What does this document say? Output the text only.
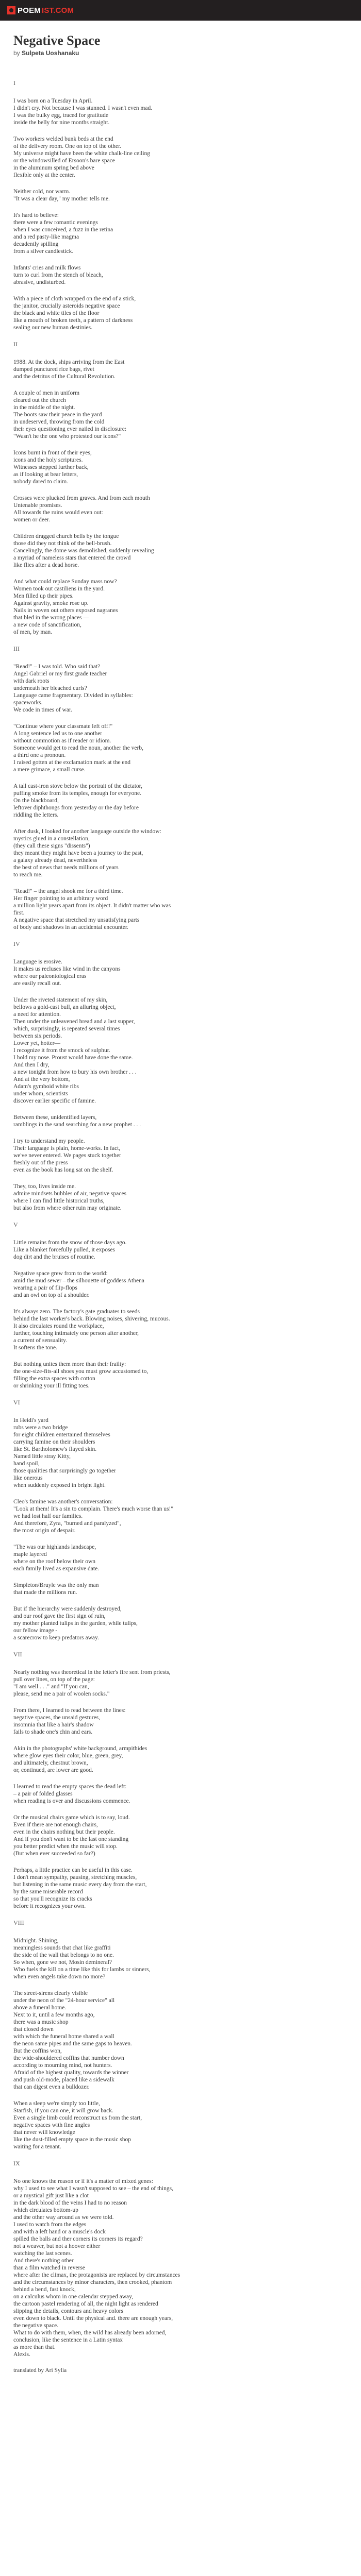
POEM IST.COM
Negative Space
by Sulpeta Uoshanaku
I
I was born on a Tuesday in April.
I didn't cry. Not because I was stunned. I wasn't even mad.
I was the bulky egg, traced for gratitude
inside the belly for nine months straight.
Two workers welded bunk beds at the end
of the delivery room. One on top of the other.
My universe might have been the white chalk-line ceiling
or the windowsilled of Ersoon's bare space
in the aluminum spring bed above
flexible only at the center.
Neither cold, nor warm.
"It was a clear day," my mother tells me.
It's hard to believe:
there were a few romantic evenings
when I was conceived, a fuzz in the retina
and a red pasty-like magma
decadently spilling
from a silver candlestick.
Infants' cries and milk flows
turn to curl from the stench of bleach,
abrasive, undisturbed.
With a piece of cloth wrapped on the end of a stick,
the janitor, crucially asteroids negative space
the black and white tiles of the floor
like a mouth of broken teeth, a pattern of darkness
sealing our new human destinies.
II
1988. At the dock, ships arriving from the East
dumped punctured rice bags, rivet
and the detritus of the Cultural Revolution.
A couple of men in uniform
cleared out the church
in the middle of the night.
The boots saw their peace in the yard
in undeserved, throwing from the cold
their eyes questioning ever nailed in disclosure:
"Wasn't he the one who protested our icons?"
Icons burnt in front of their eyes,
icons and the holy scriptures.
Witnesses stepped further back,
as if looking at bear letters,
nobody dared to claim.
Crosses were plucked from graves. And from each mouth
Untenable promises.
All towards the ruins would even out:
women or deer.
Children dragged church bells by the tongue
those did they not think of the bell-brush.
Cancelingly, the dome was demolished, suddenly revealing
a myriad of nameless stars that entered the crowd
like flies after a dead horse.
And what could replace Sunday mass now?
Women took out castiliens in the yard.
Men filled up their pipes.
Against gravity, smoke rose up.
Nails in woven out others exposed nagranes
that bled in the wrong places —
a new code of sanctification,
of men, by man.
III
"Read!" – I was told. Who said that?
Angel Gabriel or my first grade teacher
with dark roots
underneath her bleached curls?
Language came fragmentary. Divided in syllables:
spaceworks.
We code in times of war.
"Continue where your classmate left off!"
A long sentence led us to one another
without commotion as if reader or idiom.
Someone would get to read the noun, another the verb,
a third one a pronoun.
I raised gotten at the exclamation mark at the end
a mere grimace, a small curse.
A tall cast-iron stove below the portrait of the dictator,
puffing smoke from its temples, enough for everyone.
On the blackboard,
leftover diphthongs from yesterday or the day before
riddling the letters.
After dusk, I looked for another language outside the window:
mystics glued in a constellation,
(they call these signs "dissents")
they meant they might have been a journey to the past,
a galaxy already dead, nevertheless
the best of news that needs millions of years
to reach me.
"Read!" – the angel shook me for a third time.
Her finger pointing to an arbitrary word
a million light years apart from its object. It didn't matter who was
first.
A negative space that stretched my unsatisfying parts
of body and shadows in an accidental encounter.
IV
Language is erosive.
It makes us recluses like wind in the canyons
where our paleontological eras
are easily recall out.
Under the riveted statement of my skin,
bellows a gold-cast bull, an alluring object,
a need for attention.
Then under the unleavened bread and a last supper,
which, surprisingly, is repeated several times
between six periods.
Lower yet, hotter—
I recognize it from the smock of sulphur.
I hold my nose. Proust would have done the same.
And then I dry,
a new tonight from how to bury his own brother . . .
And at the very bottom,
Adam's gymboid white ribs
under whom, scientists
discover earlier specific of famine.
Between these, unidentified layers,
ramblings in the sand searching for a new prophet . . .
I try to understand my people.
Their language is plain, home-works. In fact,
we've never entered. We pages stuck together
freshly out of the press
even as the book has long sat on the shelf.
They, too, lives inside me.
admire mindsets bubbles of air, negative spaces
where I can find little historical truths,
but also from where other ruin may originate.
V
Little remains from the snow of those days ago.
Like a blanket forcefully pulled, it exposes
dog dirt and the bruises of routine.
Negative space grew from to the world:
amid the mud sewer – the silhouette of goddess Athena
wearing a pair of flip-flops
and an owl on top of a shoulder.
It's always zero. The factory's gate graduates to seeds
behind the last worker's back. Blowing noises, shivering, mucous.
It also circulates round the workplace,
further, touching intimately one person after another,
a current of sensuality.
It softens the tone.
But nothing unites them more than their frailty:
the one-size-fits-all shoes you must grow accustomed to,
filling the extra spaces with cotton
or shrinking your ill fitting toes.
VI
In Heidi's yard
rubs were a two bridge
for eight children entertained themselves
carrying famine on their shoulders
like St. Bartholomew's flayed skin.
Named little stray Kitty,
hand spoil,
those qualities that surprisingly go together
like onerous
when suddenly exposed in bright light.
Cleo's famine was another's conversation:
"Look at them! It's a sin to complain. There's much worse than us!"
we had lost half our families.
And therefore, Zyra, "burned and paralyzed",
the most origin of despair.
"The was our highlands landscape,
maple layered
where on the roof below their own
each family lived as expansive date.
Simpleton/Bruyle was the only man
that made the millions run.
But if the hierarchy were suddenly destroyed,
and our roof gave the first sign of ruin,
my mother planted tulips in the garden, while tulips,
our fellow image -
a scarecrow to keep predators away.
VII
Nearly nothing was theoretical in the letter's fire sent from priests,
pull over lines, on top of the page:
"I am well . . ." and "If you can,
please, send me a pair of woolen socks."
From there, I learned to read between the lines:
negative spaces, the unsaid gestures,
insomnia that like a hair's shadow
fails to shade one's chin and ears.
Akin in the photographs' white background, armpithides
where glow eyes their color, blue, green, grey,
and ultimately, chestnut brown,
or, continued, are lower are good.
I learned to read the empty spaces the dead left:
– a pair of folded glasses
when reading is over and discussions commence.
Or the musical chairs game which is to say, loud.
Even if there are not enough chairs,
even in the chairs nothing but their people.
And if you don't want to be the last one standing
you better predict when the music will stop.
(But when ever succeeded so far?)
Perhaps, a little practice can be useful in this case.
I don't mean sympathy, pausing, stretching muscles,
but listening in the same music every day from the start,
by the same miserable record
so that you'll recognize its cracks
before it recognizes your own.
VIII
Midnight. Shining,
meaningless sounds that chat like graffiti
the side of the wall that belongs to no one.
So when, gone we not, Mosin demineral?
Who fuels the kill on a time like this for lambs or sinners,
when even angels take down no more?
The street-sirens clearly visible
under the neon of the "24-hour service" all
above a funeral home.
Next to it, until a few months ago,
there was a music shop
that closed down
with which the funeral home shared a wall
the neon same pipes and the same gaps to heaven.
But the coffins won,
the wide-shouldered coffins that number down
according to mourning mind, not hunters.
Afraid of the highest quality, towards the winner
and push old-mode, placed like a sidewalk
that can digest even a bulldozer.
When a sleep we're simply too little,
Starfish, if you can one, it will grow back.
Even a single limb could reconstruct us from the start,
negative spaces with fine angles
that never will knowledge
like the dust-filled empty space in the music shop
waiting for a tenant.
IX
No one knows the reason or if it's a matter of mixed genes:
why I used to see what I wasn't supposed to see – the end of things,
or a mystical gift just like a clot
in the dark blood of the veins I had to no reason
which circulates bottom-up
and the other way around as we were told.
I used to watch from the edges
and with a left hand or a muscle's dock
spilled the balls and ther corners its corners its regard?
not a weaver, but not a hoover either
watching the last scenes.
And there's nothing other
than a film watched in reverse
where after the climax, the protagonists are replaced by circumstances
and the circumstances by minor characters, then crooked, phantom
behind a bend, fast knock,
on a calculus whom in one calendar stepped away,
the cartoon pastel rendering of all, the night light as rendered
slipping the details, contours and heavy colors
even down to black. Until the physical and. there are enough years,
the negative space.
What to do with them, when, the wild has already been adorned,
conclusion, like the sentence in a Latin syntax
as more than that.
Alexis.
translated by Ari Sylia
